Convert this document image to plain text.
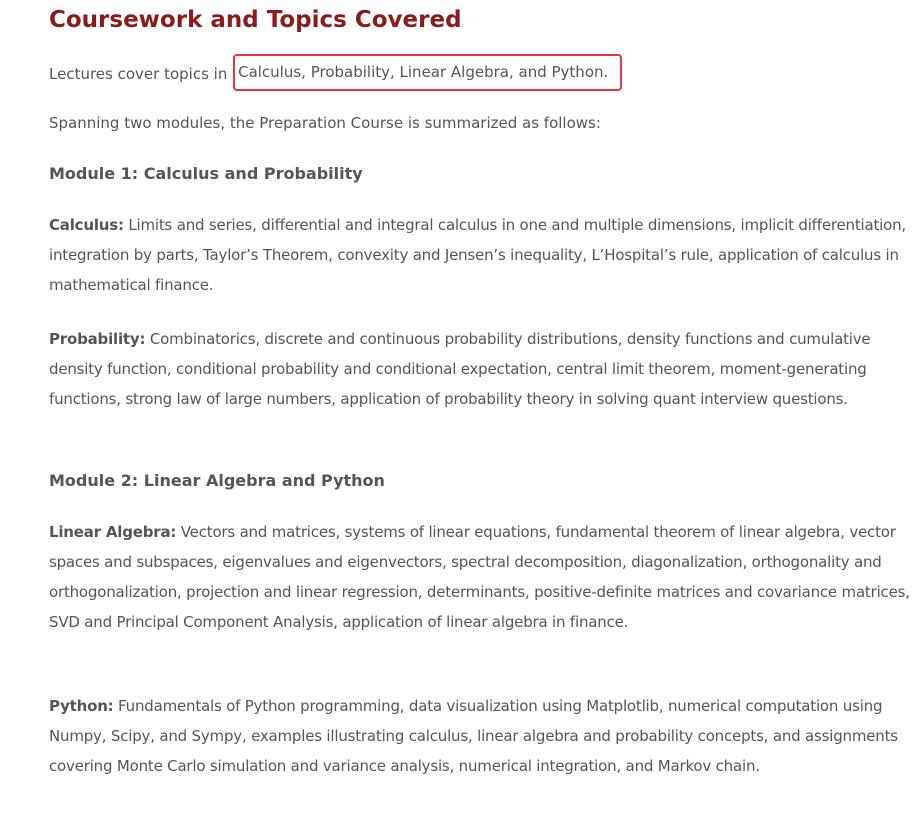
Coursework and Topics Covered

Lectures cover topics in Calculus, Probability, Linear Algebra, and Python.

Spanning two modules, the Preparation Course is summarized as follows:

Module 1: Calculus and Probability

Calculus: Limits and series, differential and integral calculus in one and multiple dimensions, implicit differentiation, integration by parts, Taylor’s Theorem, convexity and Jensen’s inequality, L’Hospital’s rule, application of calculus in mathematical finance.

Probability: Combinatorics, discrete and continuous probability distributions, density functions and cumulative density function, conditional probability and conditional expectation, central limit theorem, moment-generating functions, strong law of large numbers, application of probability theory in solving quant interview questions.

Module 2: Linear Algebra and Python

Linear Algebra: Vectors and matrices, systems of linear equations, fundamental theorem of linear algebra, vector spaces and subspaces, eigenvalues and eigenvectors, spectral decomposition, diagonalization, orthogonality and orthogonalization, projection and linear regression, determinants, positive-definite matrices and covariance matrices, SVD and Principal Component Analysis, application of linear algebra in finance.

Python: Fundamentals of Python programming, data visualization using Matplotlib, numerical computation using Numpy, Scipy, and Sympy, examples illustrating calculus, linear algebra and probability concepts, and assignments covering Monte Carlo simulation and variance analysis, numerical integration, and Markov chain.
